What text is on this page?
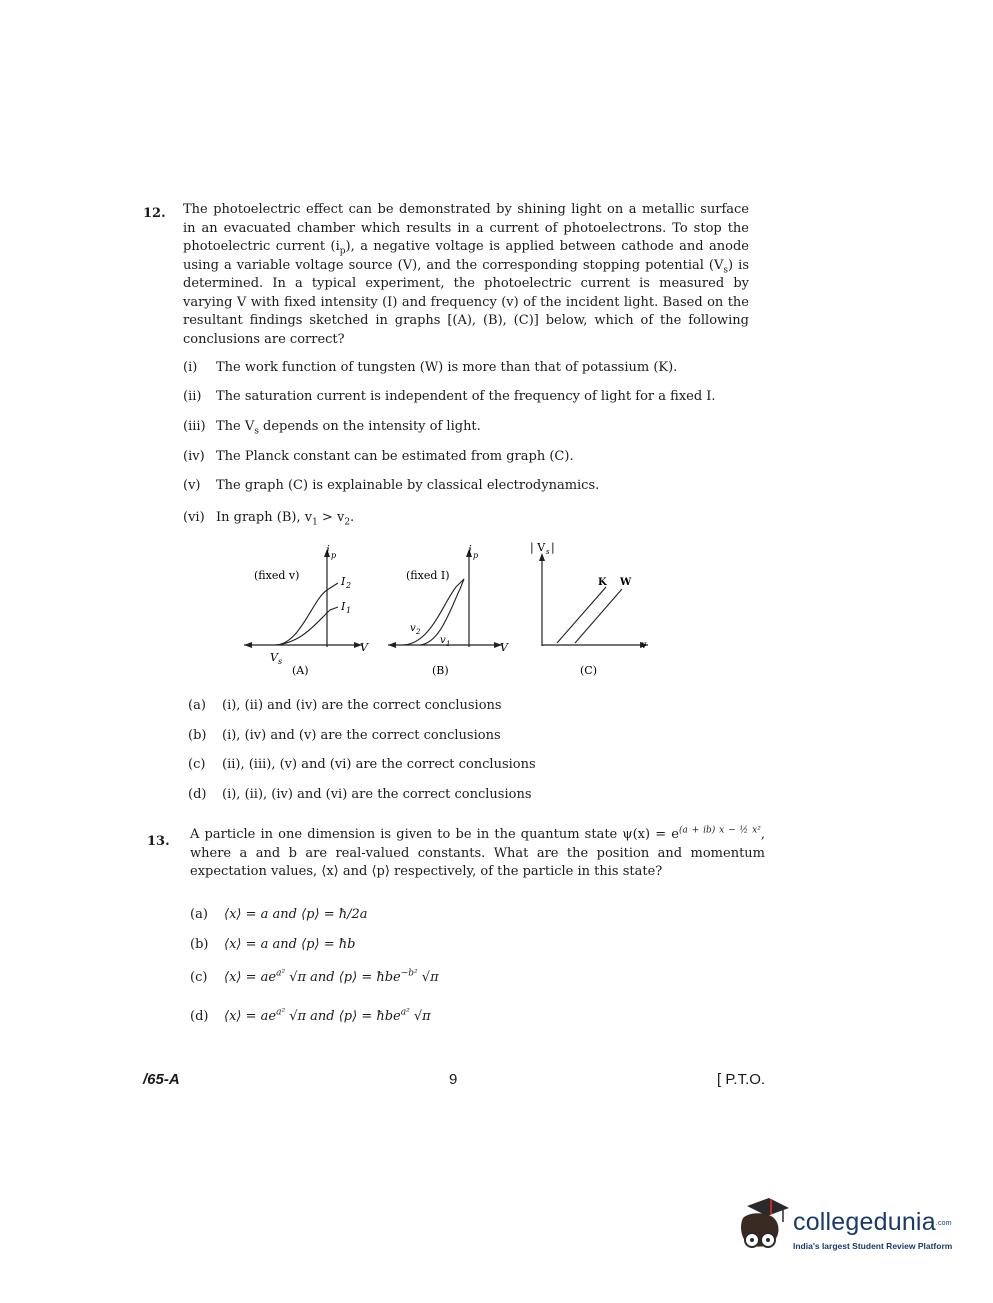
12. The photoelectric effect can be demonstrated by shining light on a metallic surface in an evacuated chamber which results in a current of photoelectrons. To stop the photoelectric current $(i_p)$, a negative voltage is applied between cathode and anode using a variable voltage source (V), and the corresponding stopping potential $(V_s)$ is determined. In a typical experiment, the photoelectric current is measured by varying V with fixed intensity (I) and frequency (v) of the incident light. Based on the resultant findings sketched in graphs [(A), (B), (C)] below, which of the following conclusions are correct?
(i) The work function of tungsten (W) is more than that of potassium (K).
(ii) The saturation current is independent of the frequency of light for a fixed I.
(iii) The $V_s$ depends on the intensity of light.
(iv) The Planck constant can be estimated from graph (C).
(v) The graph (C) is explainable by classical electrodynamics.
(vi) In graph (B), $v_1 > v_2$.
i p
(fixed v)	I 2
I 1
V
V s
(A)
i p
(fixed I)
v 2
v 1	V
(B)
| V s |
K W
v
(C)
(a) (i), (ii) and (iv) are the correct conclusions
(b) (i), (iv) and (v) are the correct conclusions
(c) (ii), (iii), (v) and (vi) are the correct conclusions
(d) (i), (ii), (iv) and (vi) are the correct conclusions
13. A particle in one dimension is given to be in the quantum state $\psi(x) = e^{(a + ib) x - \frac{1}{2} x^2}$, where a and b are real-valued constants. What are the position and momentum expectation values, ⟨x⟩ and ⟨p⟩ respectively, of the particle in this state?
(a) ⟨x⟩ = a and ⟨p⟩ = ħ/2a
(b) ⟨x⟩ = a and ⟨p⟩ = ħb
(c) ⟨x⟩ = $ae^{a^2}$ √π and ⟨p⟩ = ħbe$^{-b^2}$ √π
(d) ⟨x⟩ = $ae^{a^2}$ √π and ⟨p⟩ = ħbe$^{a^2}$ √π
/65-A	9	[ P.T.O.
collegedunia.com
India's largest Student Review Platform
